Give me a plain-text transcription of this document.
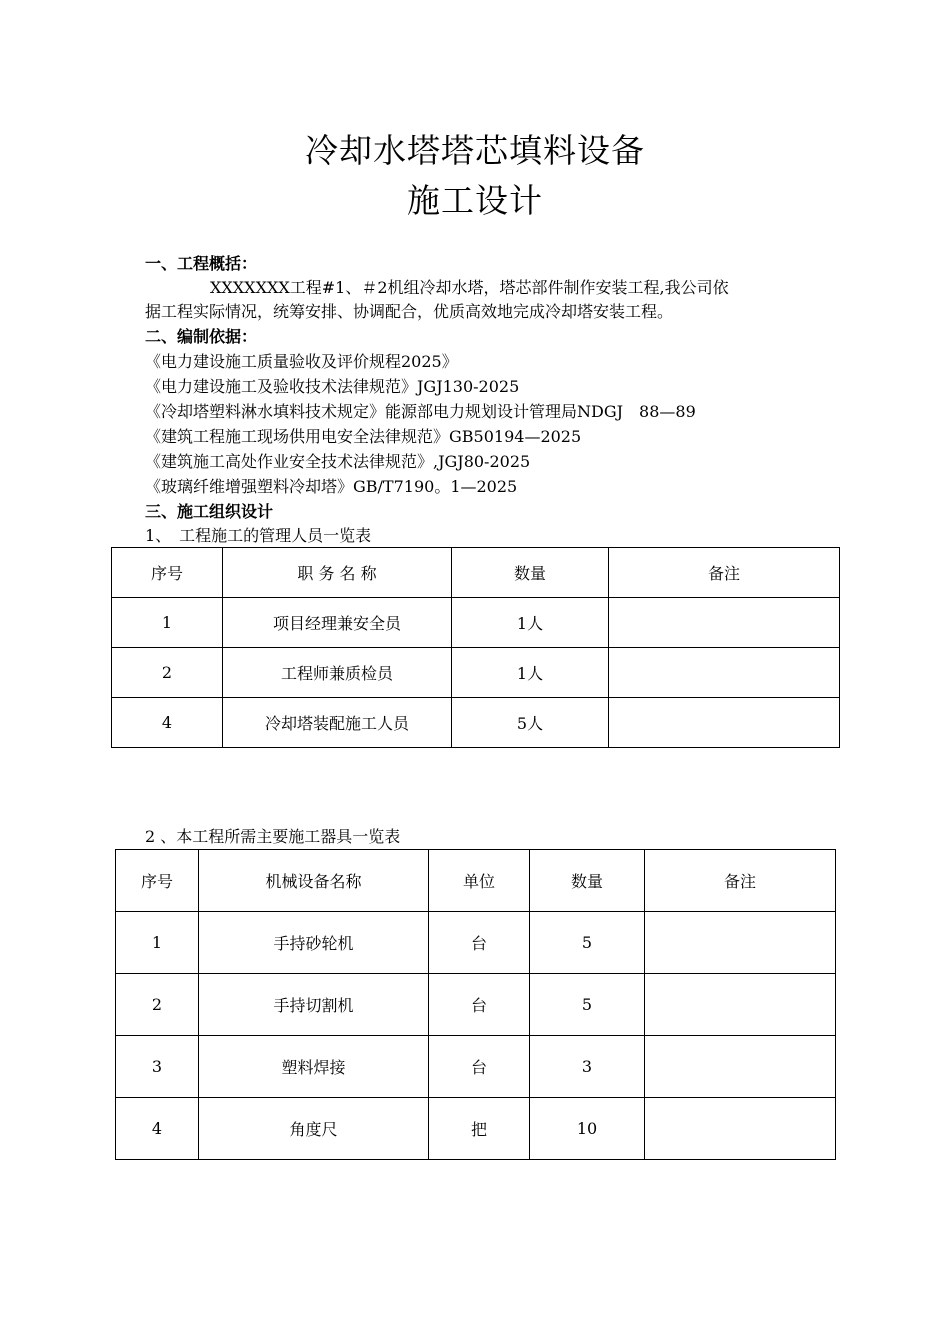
冷却水塔塔芯填料设备
施工设计
一、工程概括：
XXXXXXX工程#1、＃2机组冷却水塔，塔芯部件制作安装工程,我公司依
据工程实际情况，统筹安排、协调配合，优质高效地完成冷却塔安装工程。
二、编制依据：
《电力建设施工质量验收及评价规程2025》
《电力建设施工及验收技术法律规范》JGJ130-2025
《冷却塔塑料淋水填料技术规定》能源部电力规划设计管理局NDGJ　88—89
《建筑工程施工现场供用电安全法律规范》GB50194—2025
《建筑施工高处作业安全技术法律规范》,JGJ80-2025
《玻璃纤维增强塑料冷却塔》GB/T7190。1—2025
三、施工组织设计
1、　工程施工的管理人员一览表
序号	职 务 名 称	数量	备注
1	项目经理兼安全员	1人	
2	工程师兼质检员	1人	
4	冷却塔装配施工人员	5人	
2 、本工程所需主要施工器具一览表
序号	机械设备名称	单位	数量	备注
1	手持砂轮机	台	5	
2	手持切割机	台	5	
3	塑料焊接	台	3	
4	角度尺	把	10	
